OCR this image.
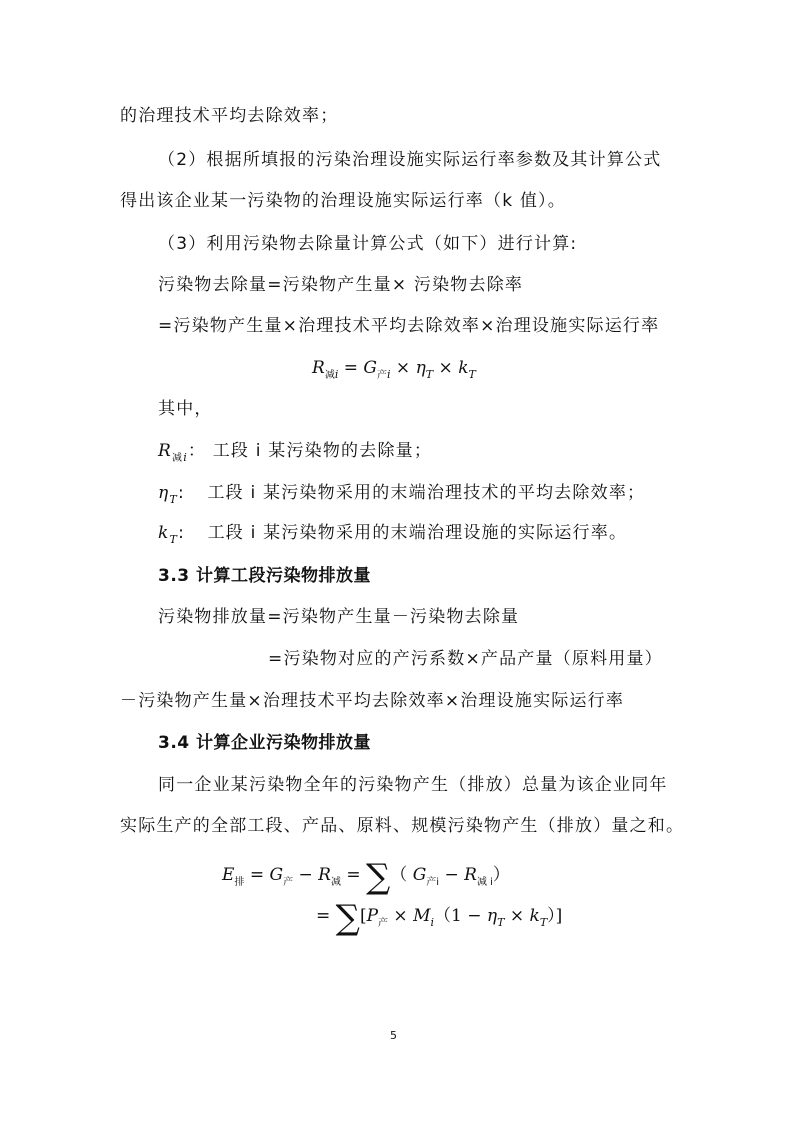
的治理技术平均去除效率；
（2）根据所填报的污染治理设施实际运行率参数及其计算公式
得出该企业某一污染物的治理设施实际运行率（k 值）。
（3）利用污染物去除量计算公式（如下）进行计算:
污染物去除量=污染物产生量× 污染物去除率
=污染物产生量×治理技术平均去除效率×治理设施实际运行率
$R_{减i} = G_{产i} \times \eta_T \times k_T$
其中，
$R_{减i}$： 工段 i 某污染物的去除量；
$\eta_T$: 工段 i 某污染物采用的末端治理技术的平均去除效率；
$k_T$: 工段 i 某污染物采用的末端治理设施的实际运行率。
3.3 计算工段污染物排放量
污染物排放量=污染物产生量－污染物去除量
=污染物对应的产污系数×产品产量（原料用量）
－污染物产生量×治理技术平均去除效率×治理设施实际运行率
3.4 计算企业污染物排放量
同一企业某污染物全年的污染物产生（排放）总量为该企业同年
实际生产的全部工段、产品、原料、规模污染物产生（排放）量之和。
$E_排 = G_产 - R_减$ = ∑（ $G_{产i} - R_{减 i}$）
= $\sum[P_产 \times M_i(1 - \eta_T \times k_T)]$
5
